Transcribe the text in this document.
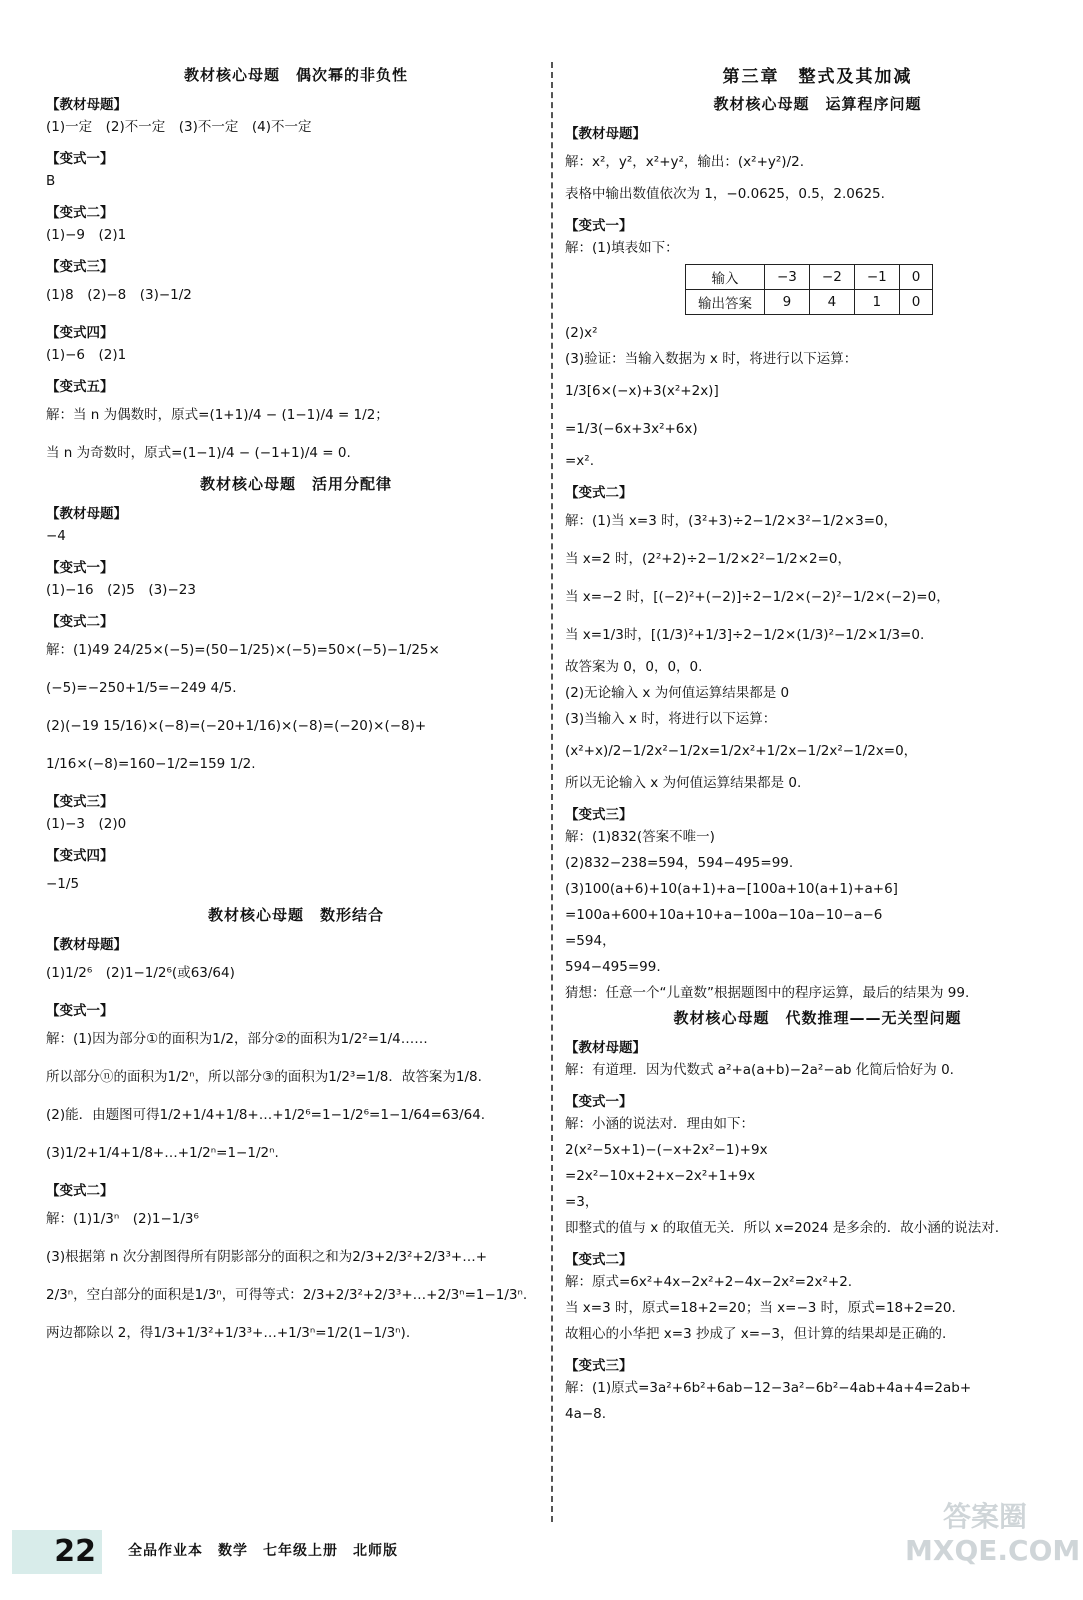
教材核心母题　偶次幂的非负性
【教材母题】
(1)一定　(2)不一定　(3)不一定　(4)不一定
【变式一】
B
【变式二】
(1)−9　(2)1
【变式三】
(1)8　(2)−8　(3)−1/2
【变式四】
(1)−6　(2)1
【变式五】
解：当 n 为偶数时，原式=(1+1)/4 − (1−1)/4 = 1/2；
当 n 为奇数时，原式=(1−1)/4 − (−1+1)/4 = 0.
教材核心母题　活用分配律
【教材母题】
−4
【变式一】
(1)−16　(2)5　(3)−23
【变式二】
解：(1)49 24/25×(−5)=(50−1/25)×(−5)=50×(−5)−1/25×
(−5)=−250+1/5=−249 4/5.
(2)(−19 15/16)×(−8)=(−20+1/16)×(−8)=(−20)×(−8)+
1/16×(−8)=160−1/2=159 1/2.
【变式三】
(1)−3　(2)0
【变式四】
−1/5
教材核心母题　数形结合
【教材母题】
(1)1/2⁶　(2)1−1/2⁶(或63/64)
【变式一】
解：(1)因为部分①的面积为1/2，部分②的面积为1/2²=1/4……
所以部分ⓝ的面积为1/2ⁿ，所以部分③的面积为1/2³=1/8．故答案为1/8.
(2)能．由题图可得1/2+1/4+1/8+…+1/2⁶=1−1/2⁶=1−1/64=63/64.
(3)1/2+1/4+1/8+…+1/2ⁿ=1−1/2ⁿ.
【变式二】
解：(1)1/3ⁿ　(2)1−1/3⁶
(3)根据第 n 次分割图得所有阴影部分的面积之和为2/3+2/3²+2/3³+…+
2/3ⁿ，空白部分的面积是1/3ⁿ，可得等式：2/3+2/3²+2/3³+…+2/3ⁿ=1−1/3ⁿ.
两边都除以 2，得1/3+1/3²+1/3³+…+1/3ⁿ=1/2(1−1/3ⁿ).
第三章　整式及其加减
教材核心母题　运算程序问题
【教材母题】
解：x²，y²，x²+y²，输出：(x²+y²)/2.
表格中输出数值依次为 1，−0.0625，0.5，2.0625.
【变式一】
解：(1)填表如下：
输入	−3	−2	−1	0
输出答案	9	4	1	0
(2)x²
(3)验证：当输入数据为 x 时，将进行以下运算：
1/3[6×(−x)+3(x²+2x)]
=1/3(−6x+3x²+6x)
=x².
【变式二】
解：(1)当 x=3 时，(3²+3)÷2−1/2×3²−1/2×3=0，
当 x=2 时，(2²+2)÷2−1/2×2²−1/2×2=0，
当 x=−2 时，[(−2)²+(−2)]÷2−1/2×(−2)²−1/2×(−2)=0，
当 x=1/3时，[(1/3)²+1/3]÷2−1/2×(1/3)²−1/2×1/3=0.
故答案为 0，0，0，0.
(2)无论输入 x 为何值运算结果都是 0
(3)当输入 x 时，将进行以下运算：
(x²+x)/2−1/2x²−1/2x=1/2x²+1/2x−1/2x²−1/2x=0，
所以无论输入 x 为何值运算结果都是 0.
【变式三】
解：(1)832(答案不唯一)
(2)832−238=594，594−495=99.
(3)100(a+6)+10(a+1)+a−[100a+10(a+1)+a+6]
=100a+600+10a+10+a−100a−10a−10−a−6
=594，
594−495=99.
猜想：任意一个“儿童数”根据题图中的程序运算，最后的结果为 99.
教材核心母题　代数推理——无关型问题
【教材母题】
解：有道理．因为代数式 a²+a(a+b)−2a²−ab 化简后恰好为 0.
【变式一】
解：小涵的说法对．理由如下：
2(x²−5x+1)−(−x+2x²−1)+9x
=2x²−10x+2+x−2x²+1+9x
=3，
即整式的值与 x 的取值无关．所以 x=2024 是多余的．故小涵的说法对.
【变式二】
解：原式=6x²+4x−2x²+2−4x−2x²=2x²+2.
当 x=3 时，原式=18+2=20；当 x=−3 时，原式=18+2=20.
故粗心的小华把 x=3 抄成了 x=−3，但计算的结果却是正确的.
【变式三】
解：(1)原式=3a²+6b²+6ab−12−3a²−6b²−4ab+4a+4=2ab+
4a−8.
22	全品作业本　数学　七年级上册　北师版
答案圈 MXQE.COM
